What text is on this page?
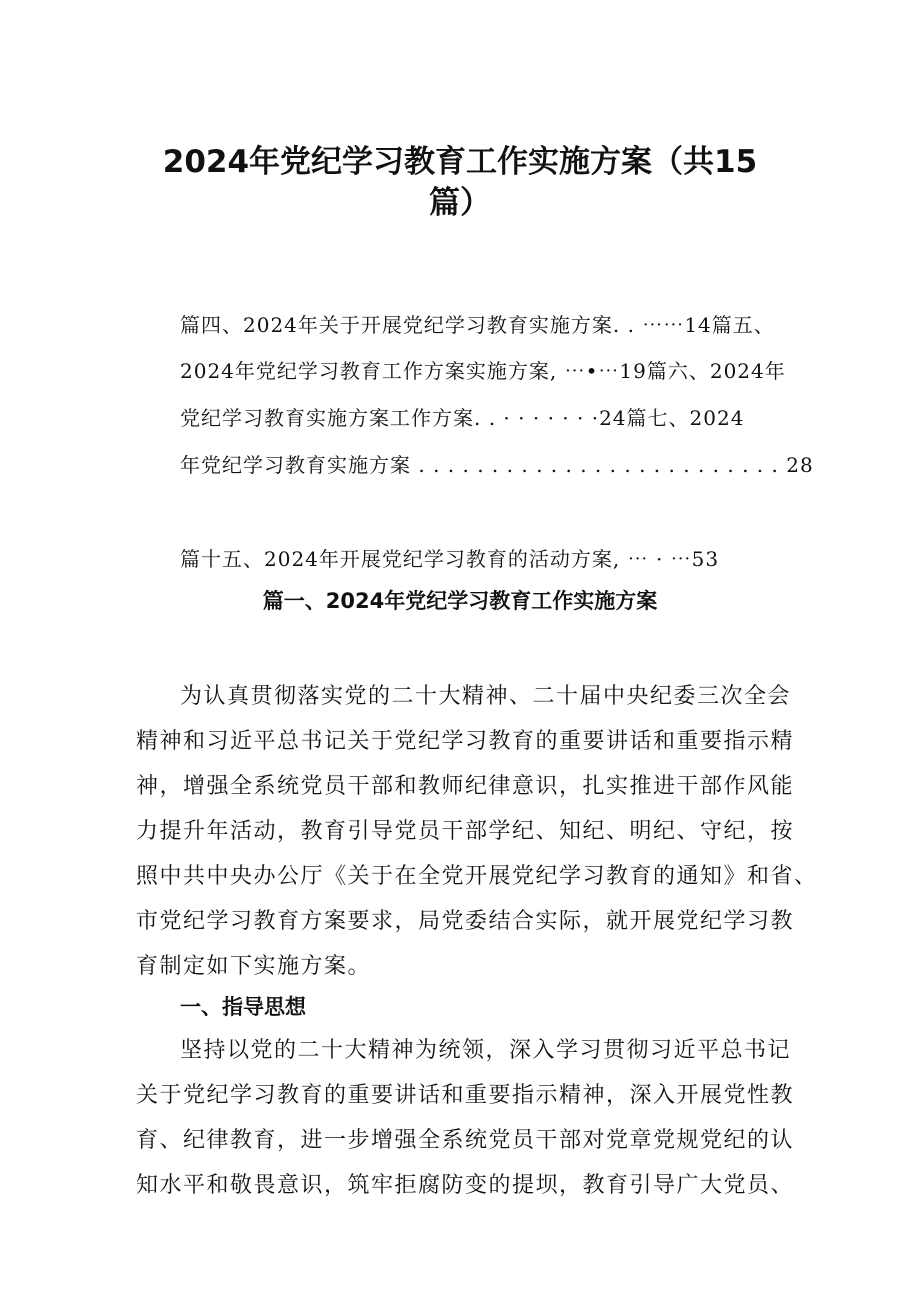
2024年党纪学习教育工作实施方案（共15
篇）
篇四、2024年关于开展党纪学习教育实施方案. . ⋯⋯14篇五、
2024年党纪学习教育工作方案实施方案, ⋯•⋯19篇六、2024年
党纪学习教育实施方案工作方案. . · · · · · · ·24篇七、2024
年党纪学习教育实施方案 . . . . . . . . . . . . . . . . . . . . . . . . . 28
篇十五、2024年开展党纪学习教育的活动方案, ⋯ · ⋯53
篇一、2024年党纪学习教育工作实施方案
为认真贯彻落实党的二十大精神、二十届中央纪委三次全会
精神和习近平总书记关于党纪学习教育的重要讲话和重要指示精
神，增强全系统党员干部和教师纪律意识，扎实推进干部作风能
力提升年活动，教育引导党员干部学纪、知纪、明纪、守纪，按
照中共中央办公厅《关于在全党开展党纪学习教育的通知》和省、
市党纪学习教育方案要求，局党委结合实际，就开展党纪学习教
育制定如下实施方案。
一、指导思想
坚持以党的二十大精神为统领，深入学习贯彻习近平总书记
关于党纪学习教育的重要讲话和重要指示精神，深入开展党性教
育、纪律教育，进一步增强全系统党员干部对党章党规党纪的认
知水平和敬畏意识，筑牢拒腐防变的提坝，教育引导广大党员、
